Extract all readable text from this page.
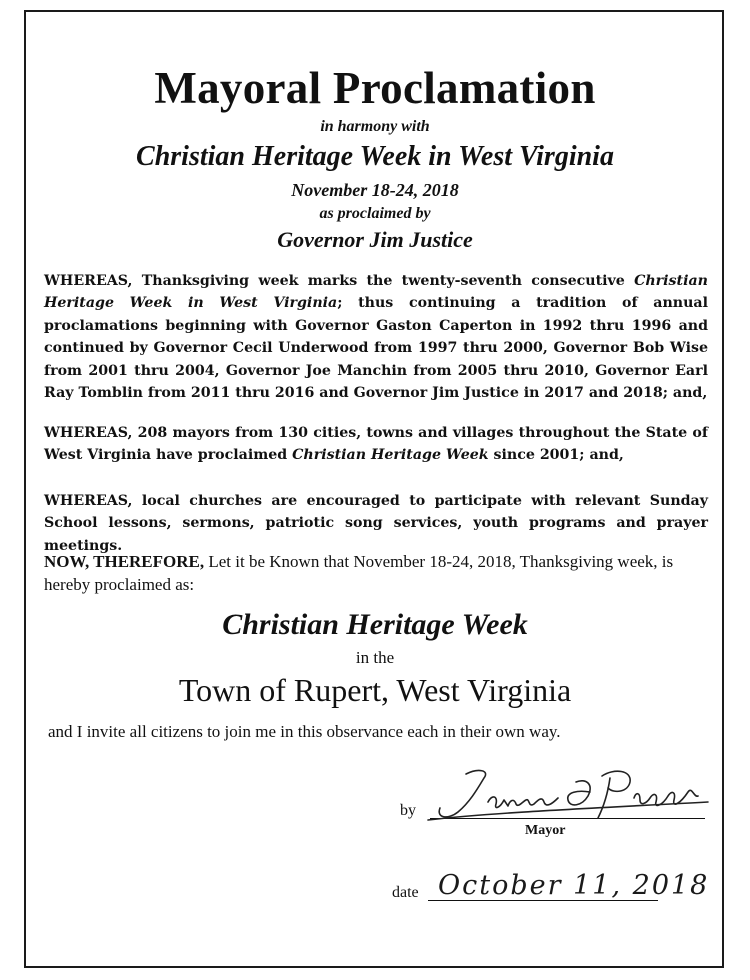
Mayoral Proclamation

in harmony with

Christian Heritage Week in West Virginia

November 18-24, 2018

as proclaimed by

Governor Jim Justice

WHEREAS, Thanksgiving week marks the twenty-seventh consecutive Christian Heritage Week in West Virginia; thus continuing a tradition of annual proclamations beginning with Governor Gaston Caperton in 1992 thru 1996 and continued by Governor Cecil Underwood from 1997 thru 2000, Governor Bob Wise from 2001 thru 2004, Governor Joe Manchin from 2005 thru 2010, Governor Earl Ray Tomblin from 2011 thru 2016 and Governor Jim Justice in 2017 and 2018; and,

WHEREAS, 208 mayors from 130 cities, towns and villages throughout the State of West Virginia have proclaimed Christian Heritage Week since 2001; and,

WHEREAS, local churches are encouraged to participate with relevant Sunday School lessons, sermons, patriotic song services, youth programs and prayer meetings.

NOW, THEREFORE, Let it be Known that November 18-24, 2018, Thanksgiving week, is hereby proclaimed as:

Christian Heritage Week

in the

Town of Rupert, West Virginia

and I invite all citizens to join me in this observance each in their own way.

by
Mayor
date October 11, 2018
